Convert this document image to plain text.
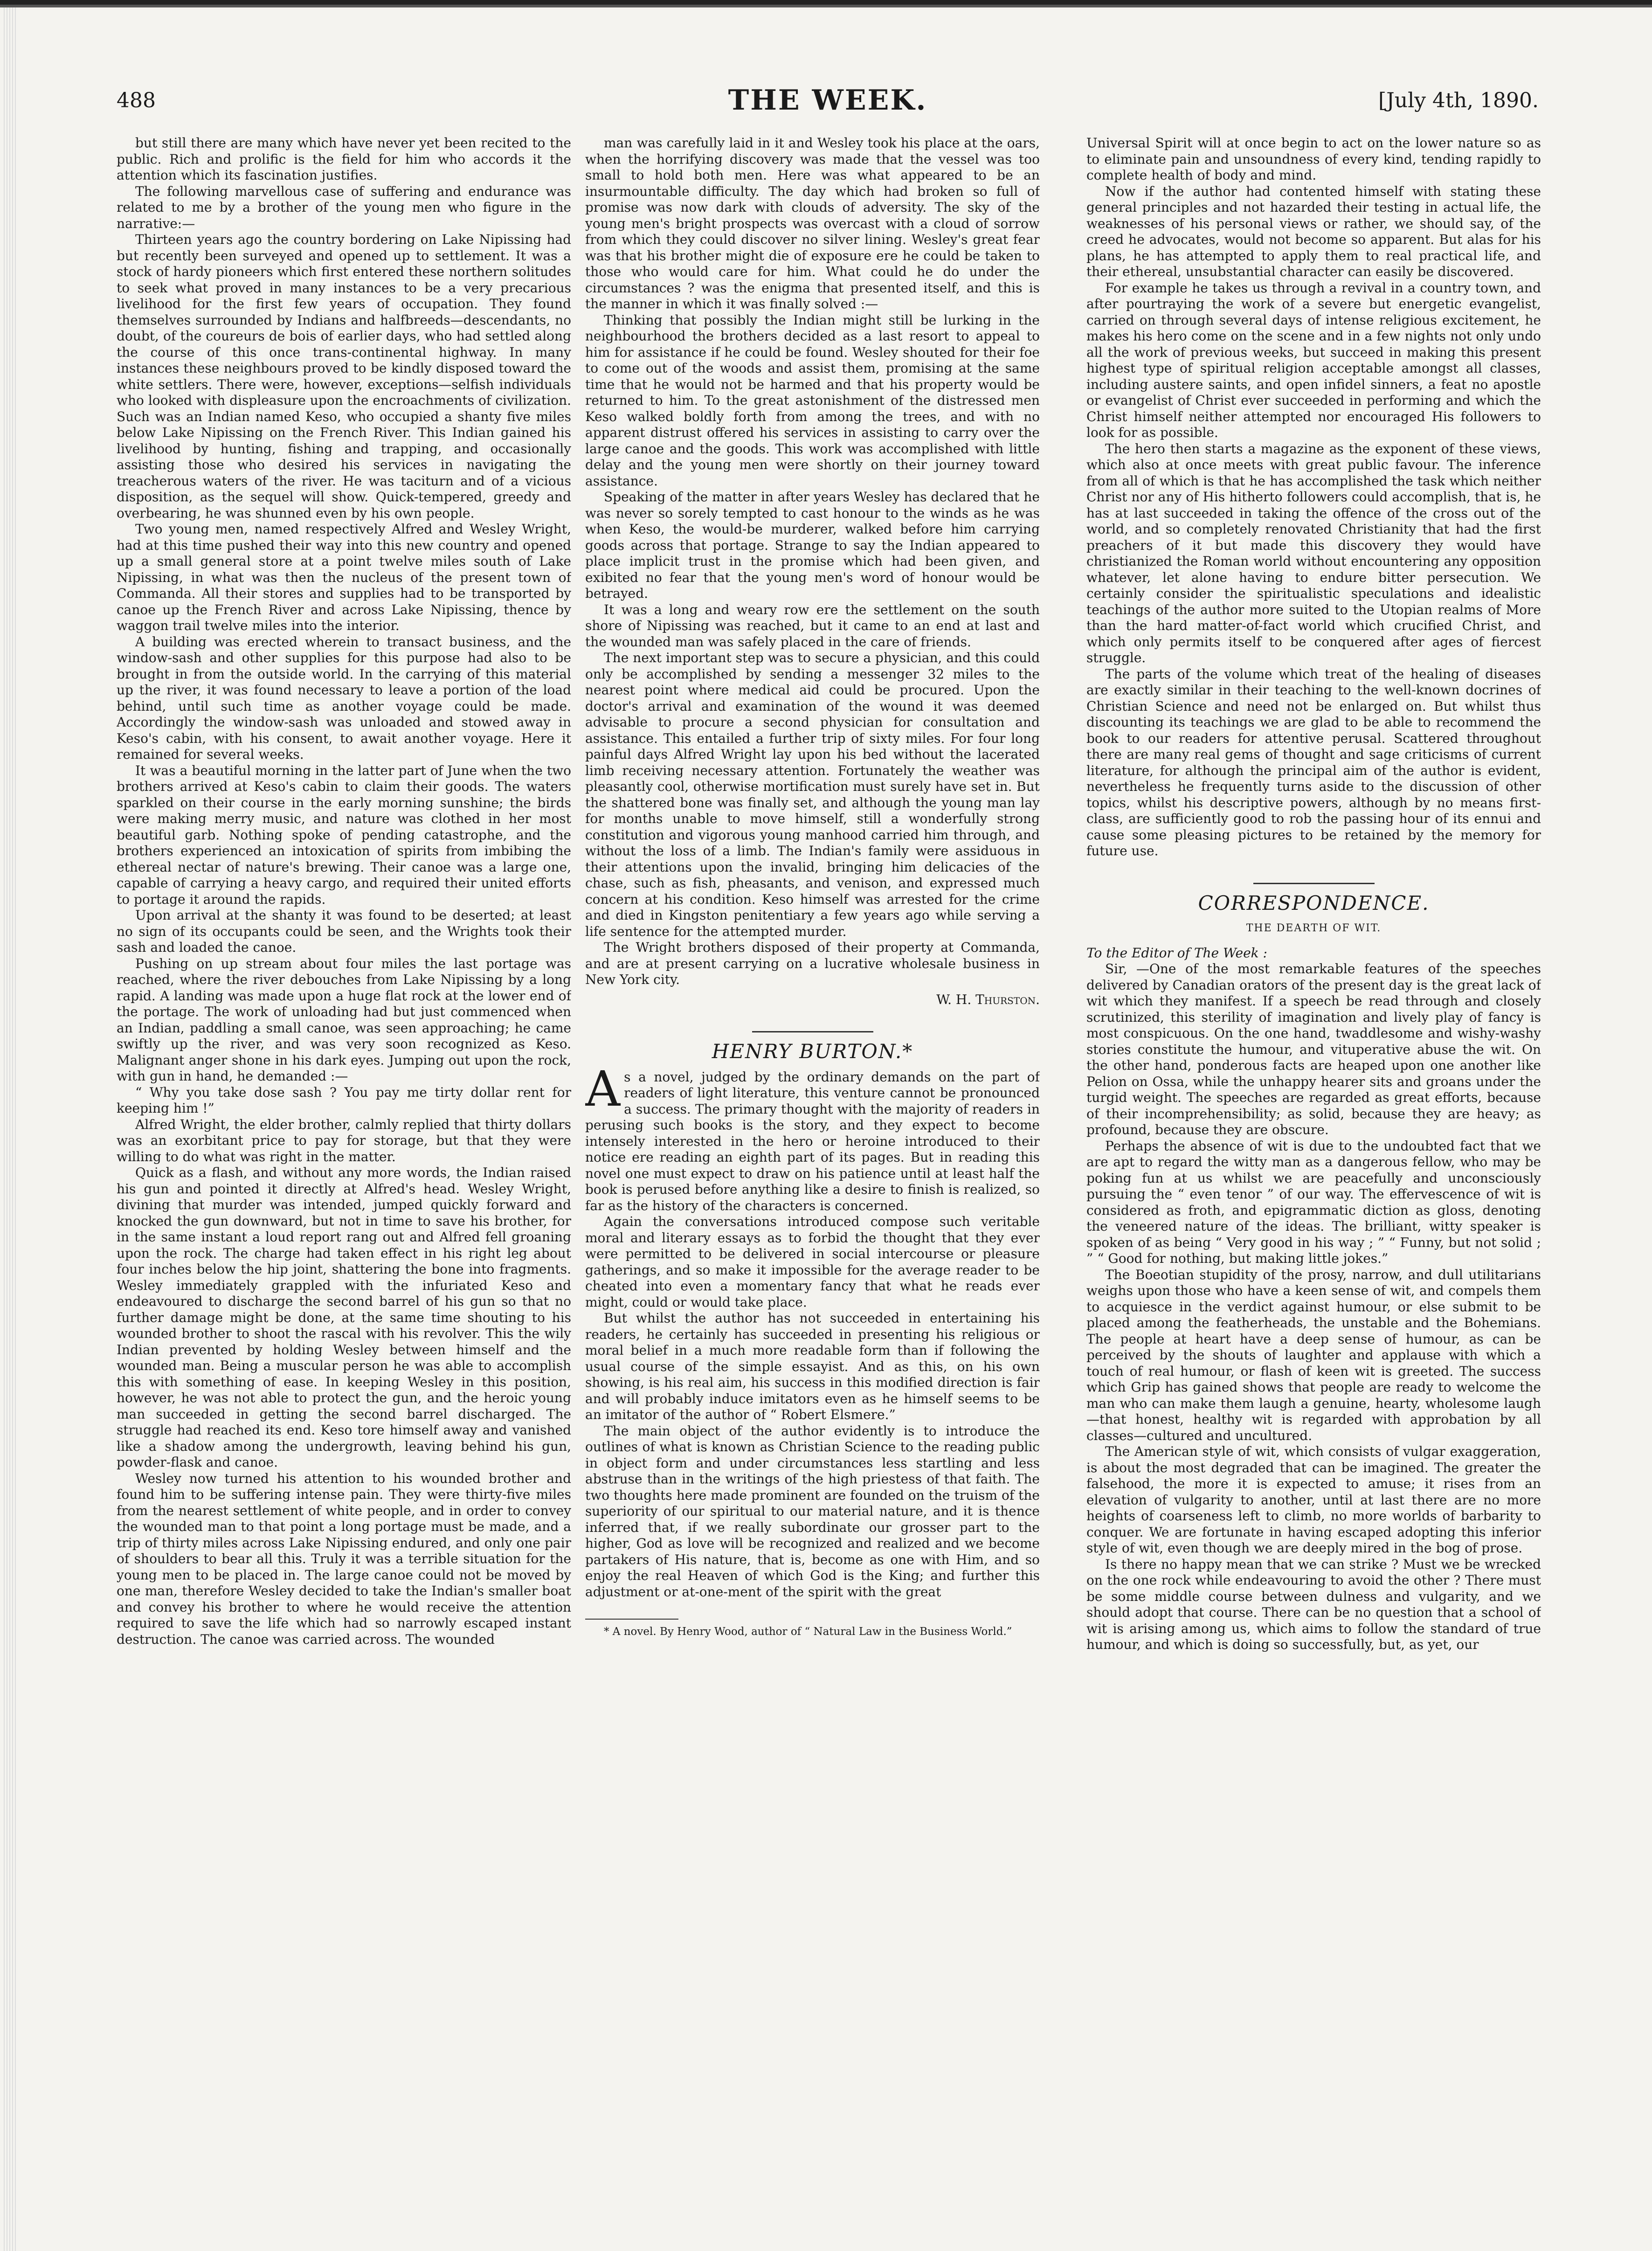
488	THE WEEK.	[July 4th, 1890.

but still there are many which have never yet been recited to the public. Rich and prolific is the field for him who accords it the attention which its fascination justifies.

The following marvellous case of suffering and endurance was related to me by a brother of the young men who figure in the narrative:—

Thirteen years ago the country bordering on Lake Nipissing had but recently been surveyed and opened up to settlement. It was a stock of hardy pioneers which first entered these northern solitudes to seek what proved in many instances to be a very precarious livelihood for the first few years of occupation. They found themselves surrounded by Indians and halfbreeds—descendants, no doubt, of the coureurs de bois of earlier days, who had settled along the course of this once trans-continental highway. In many instances these neighbours proved to be kindly disposed toward the white settlers. There were, however, exceptions—selfish individuals who looked with displeasure upon the encroachments of civilization. Such was an Indian named Keso, who occupied a shanty five miles below Lake Nipissing on the French River. This Indian gained his livelihood by hunting, fishing and trapping, and occasionally assisting those who desired his services in navigating the treacherous waters of the river. He was taciturn and of a vicious disposition, as the sequel will show. Quick-tempered, greedy and overbearing, he was shunned even by his own people.

Two young men, named respectively Alfred and Wesley Wright, had at this time pushed their way into this new country and opened up a small general store at a point twelve miles south of Lake Nipissing, in what was then the nucleus of the present town of Commanda. All their stores and supplies had to be transported by canoe up the French River and across Lake Nipissing, thence by waggon trail twelve miles into the interior.

A building was erected wherein to transact business, and the window-sash and other supplies for this purpose had also to be brought in from the outside world. In the carrying of this material up the river, it was found necessary to leave a portion of the load behind, until such time as another voyage could be made. Accordingly the window-sash was unloaded and stowed away in Keso's cabin, with his consent, to await another voyage. Here it remained for several weeks.

It was a beautiful morning in the latter part of June when the two brothers arrived at Keso's cabin to claim their goods. The waters sparkled on their course in the early morning sunshine; the birds were making merry music, and nature was clothed in her most beautiful garb. Nothing spoke of pending catastrophe, and the brothers experienced an intoxication of spirits from imbibing the ethereal nectar of nature's brewing. Their canoe was a large one, capable of carrying a heavy cargo, and required their united efforts to portage it around the rapids.

Upon arrival at the shanty it was found to be deserted; at least no sign of its occupants could be seen, and the Wrights took their sash and loaded the canoe.

Pushing on up stream about four miles the last portage was reached, where the river debouches from Lake Nipissing by a long rapid. A landing was made upon a huge flat rock at the lower end of the portage. The work of unloading had but just commenced when an Indian, paddling a small canoe, was seen approaching; he came swiftly up the river, and was very soon recognized as Keso. Malignant anger shone in his dark eyes. Jumping out upon the rock, with gun in hand, he demanded :—

“ Why you take dose sash ? You pay me tirty dollar rent for keeping him !”

Alfred Wright, the elder brother, calmly replied that thirty dollars was an exorbitant price to pay for storage, but that they were willing to do what was right in the matter.

Quick as a flash, and without any more words, the Indian raised his gun and pointed it directly at Alfred's head. Wesley Wright, divining that murder was intended, jumped quickly forward and knocked the gun downward, but not in time to save his brother, for in the same instant a loud report rang out and Alfred fell groaning upon the rock. The charge had taken effect in his right leg about four inches below the hip joint, shattering the bone into fragments. Wesley immediately grappled with the infuriated Keso and endeavoured to discharge the second barrel of his gun so that no further damage might be done, at the same time shouting to his wounded brother to shoot the rascal with his revolver. This the wily Indian prevented by holding Wesley between himself and the wounded man. Being a muscular person he was able to accomplish this with something of ease. In keeping Wesley in this position, however, he was not able to protect the gun, and the heroic young man succeeded in getting the second barrel discharged. The struggle had reached its end. Keso tore himself away and vanished like a shadow among the undergrowth, leaving behind his gun, powder-flask and canoe.

Wesley now turned his attention to his wounded brother and found him to be suffering intense pain. They were thirty-five miles from the nearest settlement of white people, and in order to convey the wounded man to that point a long portage must be made, and a trip of thirty miles across Lake Nipissing endured, and only one pair of shoulders to bear all this. Truly it was a terrible situation for the young men to be placed in. The large canoe could not be moved by one man, therefore Wesley decided to take the Indian's smaller boat and convey his brother to where he would receive the attention required to save the life which had so narrowly escaped instant destruction. The canoe was carried across. The wounded

man was carefully laid in it and Wesley took his place at the oars, when the horrifying discovery was made that the vessel was too small to hold both men. Here was what appeared to be an insurmountable difficulty. The day which had broken so full of promise was now dark with clouds of adversity. The sky of the young men's bright prospects was overcast with a cloud of sorrow from which they could discover no silver lining. Wesley's great fear was that his brother might die of exposure ere he could be taken to those who would care for him. What could he do under the circumstances ? was the enigma that presented itself, and this is the manner in which it was finally solved :—

Thinking that possibly the Indian might still be lurking in the neighbourhood the brothers decided as a last resort to appeal to him for assistance if he could be found. Wesley shouted for their foe to come out of the woods and assist them, promising at the same time that he would not be harmed and that his property would be returned to him. To the great astonishment of the distressed men Keso walked boldly forth from among the trees, and with no apparent distrust offered his services in assisting to carry over the large canoe and the goods. This work was accomplished with little delay and the young men were shortly on their journey toward assistance.

Speaking of the matter in after years Wesley has declared that he was never so sorely tempted to cast honour to the winds as he was when Keso, the would-be murderer, walked before him carrying goods across that portage. Strange to say the Indian appeared to place implicit trust in the promise which had been given, and exibited no fear that the young men's word of honour would be betrayed.

It was a long and weary row ere the settlement on the south shore of Nipissing was reached, but it came to an end at last and the wounded man was safely placed in the care of friends.

The next important step was to secure a physician, and this could only be accomplished by sending a messenger 32 miles to the nearest point where medical aid could be procured. Upon the doctor's arrival and examination of the wound it was deemed advisable to procure a second physician for consultation and assistance. This entailed a further trip of sixty miles. For four long painful days Alfred Wright lay upon his bed without the lacerated limb receiving necessary attention. Fortunately the weather was pleasantly cool, otherwise mortification must surely have set in. But the shattered bone was finally set, and although the young man lay for months unable to move himself, still a wonderfully strong constitution and vigorous young manhood carried him through, and without the loss of a limb. The Indian's family were assiduous in their attentions upon the invalid, bringing him delicacies of the chase, such as fish, pheasants, and venison, and expressed much concern at his condition. Keso himself was arrested for the crime and died in Kingston penitentiary a few years ago while serving a life sentence for the attempted murder.

The Wright brothers disposed of their property at Commanda, and are at present carrying on a lucrative wholesale business in New York city.

W. H. Thurston.

HENRY BURTON.*

As a novel, judged by the ordinary demands on the part of readers of light literature, this venture cannot be pronounced a success. The primary thought with the majority of readers in perusing such books is the story, and they expect to become intensely interested in the hero or heroine introduced to their notice ere reading an eighth part of its pages. But in reading this novel one must expect to draw on his patience until at least half the book is perused before anything like a desire to finish is realized, so far as the history of the characters is concerned.

Again the conversations introduced compose such veritable moral and literary essays as to forbid the thought that they ever were permitted to be delivered in social intercourse or pleasure gatherings, and so make it impossible for the average reader to be cheated into even a momentary fancy that what he reads ever might, could or would take place.

But whilst the author has not succeeded in entertaining his readers, he certainly has succeeded in presenting his religious or moral belief in a much more readable form than if following the usual course of the simple essayist. And as this, on his own showing, is his real aim, his success in this modified direction is fair and will probably induce imitators even as he himself seems to be an imitator of the author of “ Robert Elsmere.”

The main object of the author evidently is to introduce the outlines of what is known as Christian Science to the reading public in object form and under circumstances less startling and less abstruse than in the writings of the high priestess of that faith. The two thoughts here made prominent are founded on the truism of the superiority of our spiritual to our material nature, and it is thence inferred that, if we really subordinate our grosser part to the higher, God as love will be recognized and realized and we become partakers of His nature, that is, become as one with Him, and so enjoy the real Heaven of which God is the King; and further this adjustment or at-one-ment of the spirit with the great

* A novel. By Henry Wood, author of “ Natural Law in the Business World.”

Universal Spirit will at once begin to act on the lower nature so as to eliminate pain and unsoundness of every kind, tending rapidly to complete health of body and mind.

Now if the author had contented himself with stating these general principles and not hazarded their testing in actual life, the weaknesses of his personal views or rather, we should say, of the creed he advocates, would not become so apparent. But alas for his plans, he has attempted to apply them to real practical life, and their ethereal, unsubstantial character can easily be discovered.

For example he takes us through a revival in a country town, and after pourtraying the work of a severe but energetic evangelist, carried on through several days of intense religious excitement, he makes his hero come on the scene and in a few nights not only undo all the work of previous weeks, but succeed in making this present highest type of spiritual religion acceptable amongst all classes, including austere saints, and open infidel sinners, a feat no apostle or evangelist of Christ ever succeeded in performing and which the Christ himself neither attempted nor encouraged His followers to look for as possible.

The hero then starts a magazine as the exponent of these views, which also at once meets with great public favour. The inference from all of which is that he has accomplished the task which neither Christ nor any of His hitherto followers could accomplish, that is, he has at last succeeded in taking the offence of the cross out of the world, and so completely renovated Christianity that had the first preachers of it but made this discovery they would have christianized the Roman world without encountering any opposition whatever, let alone having to endure bitter persecution. We certainly consider the spiritualistic speculations and idealistic teachings of the author more suited to the Utopian realms of More than the hard matter-of-fact world which crucified Christ, and which only permits itself to be conquered after ages of fiercest struggle.

The parts of the volume which treat of the healing of diseases are exactly similar in their teaching to the well-known docrines of Christian Science and need not be enlarged on. But whilst thus discounting its teachings we are glad to be able to recommend the book to our readers for attentive perusal. Scattered throughout there are many real gems of thought and sage criticisms of current literature, for although the principal aim of the author is evident, nevertheless he frequently turns aside to the discussion of other topics, whilst his descriptive powers, although by no means first-class, are sufficiently good to rob the passing hour of its ennui and cause some pleasing pictures to be retained by the memory for future use.

CORRESPONDENCE.
THE DEARTH OF WIT.

To the Editor of The Week :

Sir, —One of the most remarkable features of the speeches delivered by Canadian orators of the present day is the great lack of wit which they manifest. If a speech be read through and closely scrutinized, this sterility of imagination and lively play of fancy is most conspicuous. On the one hand, twaddlesome and wishy-washy stories constitute the humour, and vituperative abuse the wit. On the other hand, ponderous facts are heaped upon one another like Pelion on Ossa, while the unhappy hearer sits and groans under the turgid weight. The speeches are regarded as great efforts, because of their incomprehensibility; as solid, because they are heavy; as profound, because they are obscure.

Perhaps the absence of wit is due to the undoubted fact that we are apt to regard the witty man as a dangerous fellow, who may be poking fun at us whilst we are peacefully and unconsciously pursuing the “ even tenor ” of our way. The effervescence of wit is considered as froth, and epigrammatic diction as gloss, denoting the veneered nature of the ideas. The brilliant, witty speaker is spoken of as being “ Very good in his way ; ” “ Funny, but not solid ; ” “ Good for nothing, but making little jokes.”

The Boeotian stupidity of the prosy, narrow, and dull utilitarians weighs upon those who have a keen sense of wit, and compels them to acquiesce in the verdict against humour, or else submit to be placed among the featherheads, the unstable and the Bohemians. The people at heart have a deep sense of humour, as can be perceived by the shouts of laughter and applause with which a touch of real humour, or flash of keen wit is greeted. The success which Grip has gained shows that people are ready to welcome the man who can make them laugh a genuine, hearty, wholesome laugh—that honest, healthy wit is regarded with approbation by all classes—cultured and uncultured.

The American style of wit, which consists of vulgar exaggeration, is about the most degraded that can be imagined. The greater the falsehood, the more it is expected to amuse; it rises from an elevation of vulgarity to another, until at last there are no more heights of coarseness left to climb, no more worlds of barbarity to conquer. We are fortunate in having escaped adopting this inferior style of wit, even though we are deeply mired in the bog of prose.

Is there no happy mean that we can strike ? Must we be wrecked on the one rock while endeavouring to avoid the other ? There must be some middle course between dulness and vulgarity, and we should adopt that course. There can be no question that a school of wit is arising among us, which aims to follow the standard of true humour, and which is doing so successfully, but, as yet, our
